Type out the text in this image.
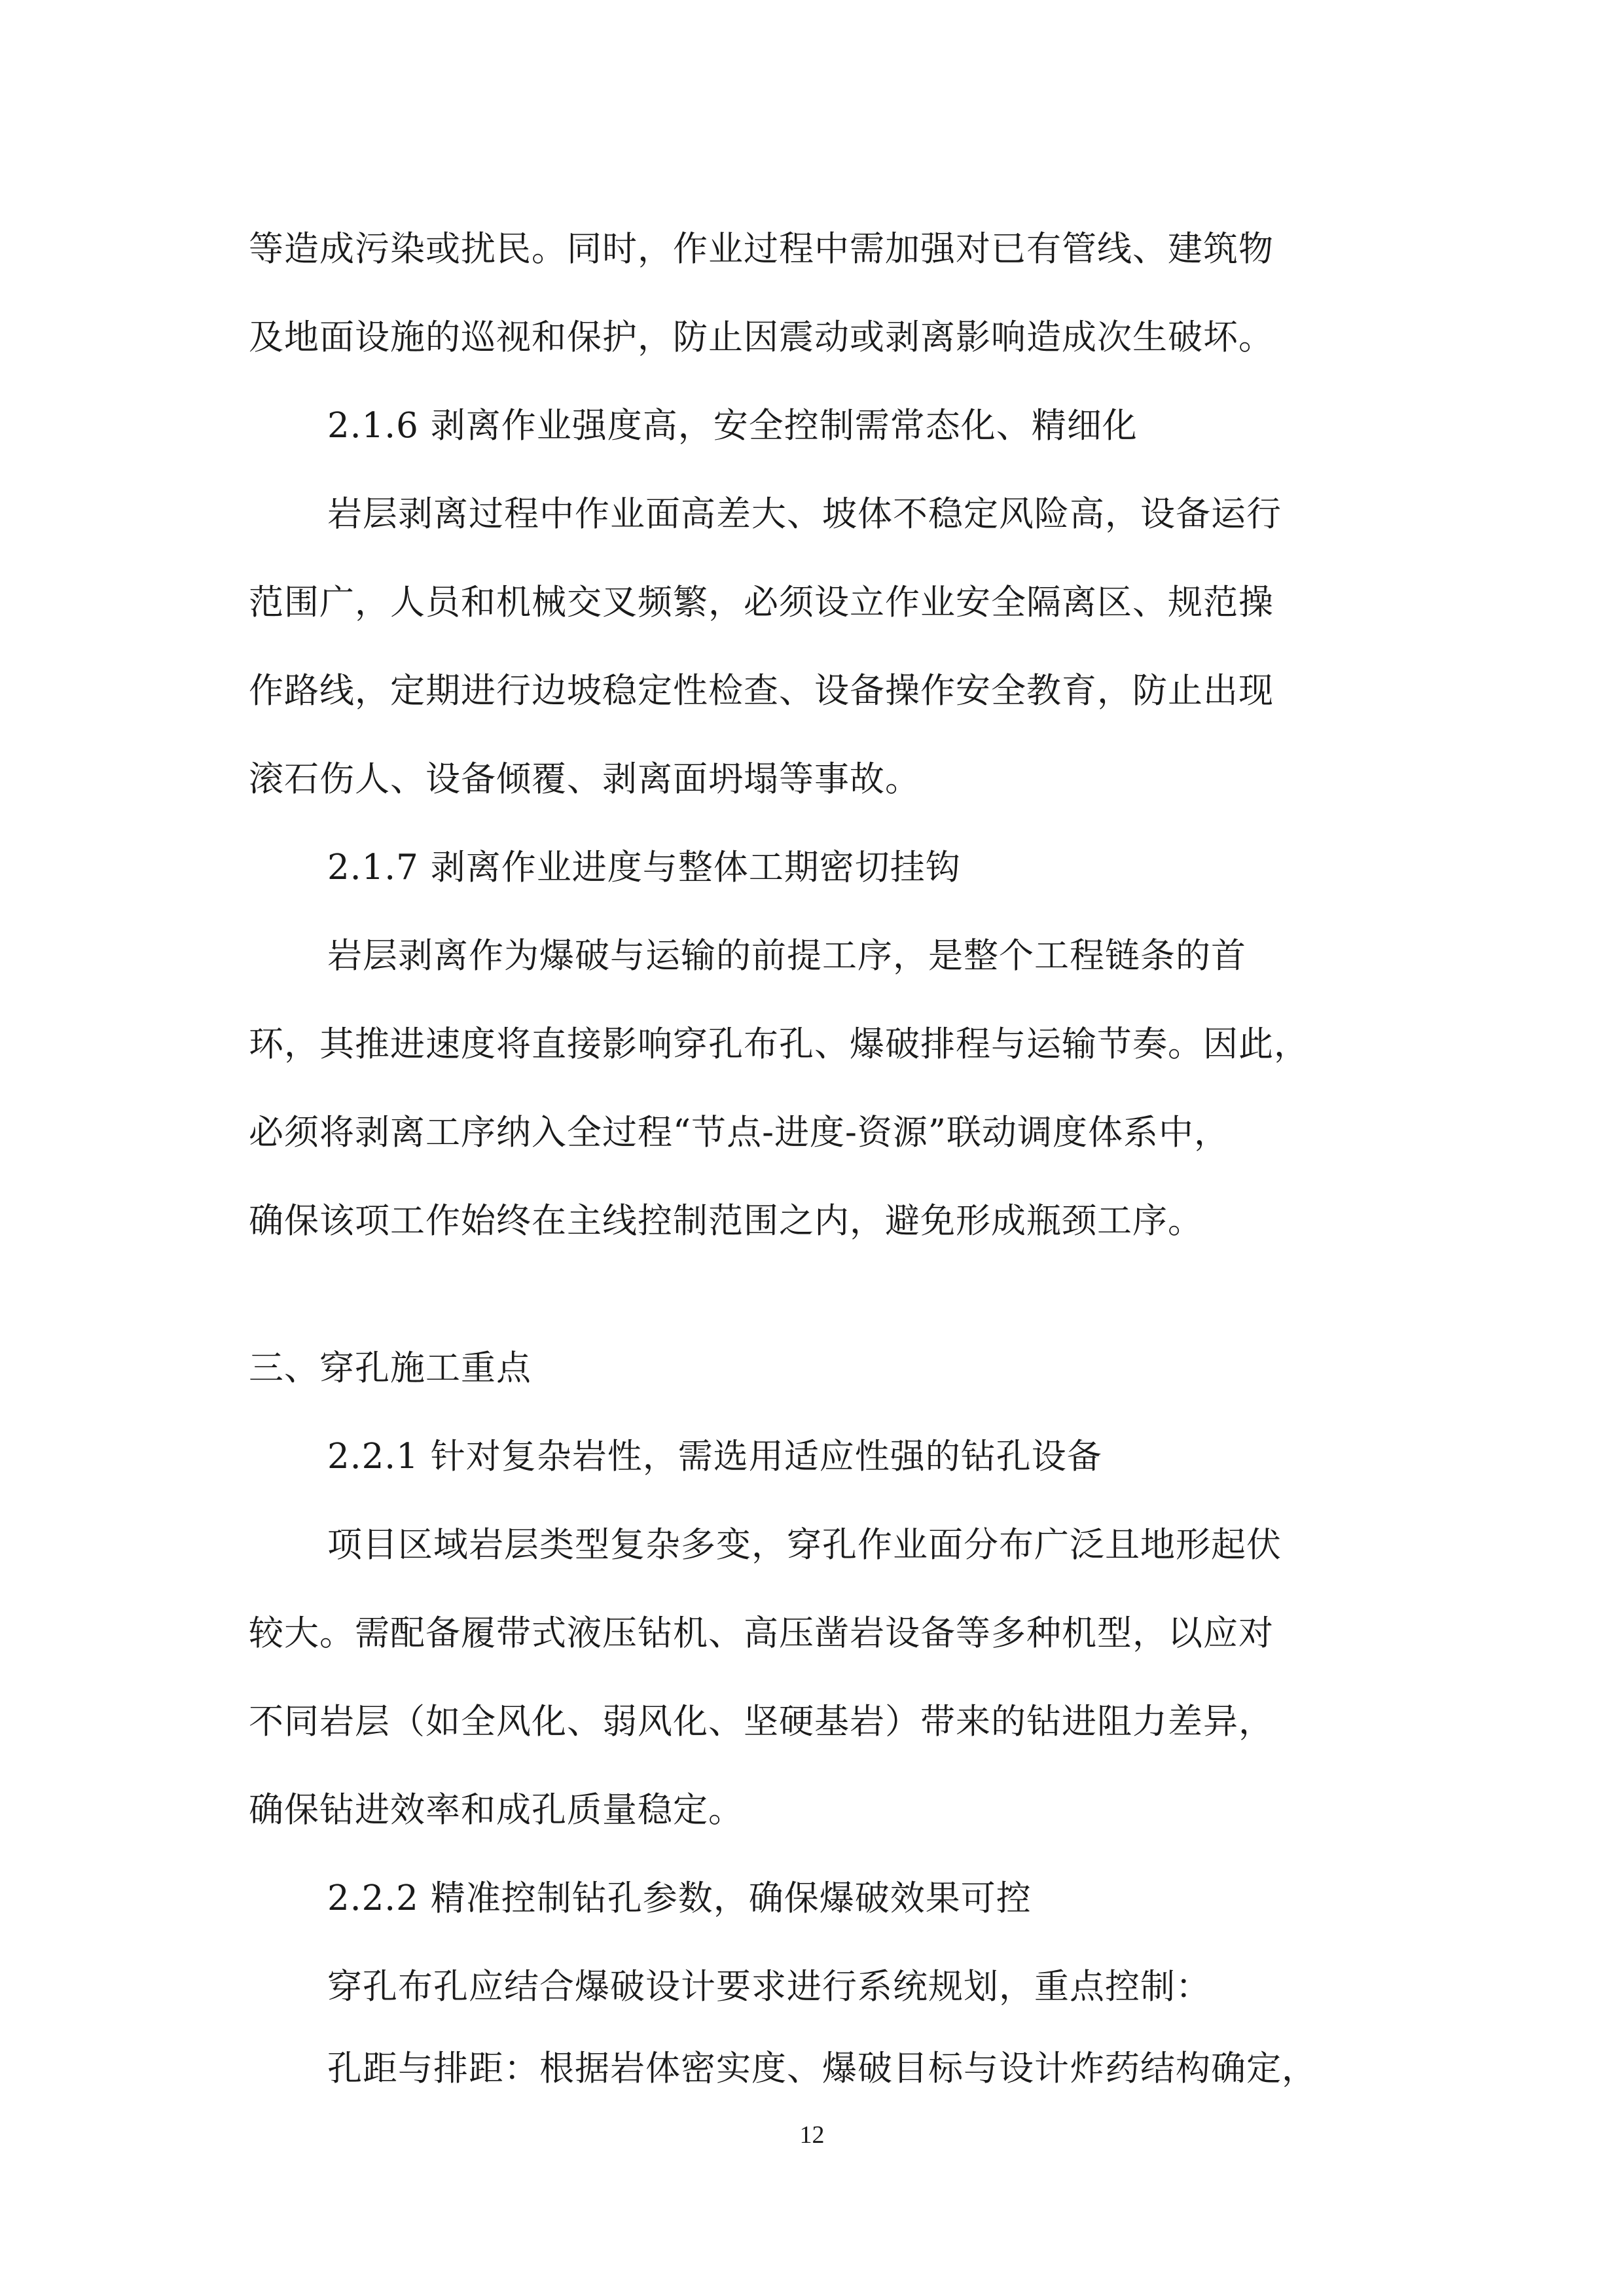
等造成污染或扰民。同时，作业过程中需加强对已有管线、建筑物
及地面设施的巡视和保护，防止因震动或剥离影响造成次生破坏。
2.1.6 剥离作业强度高，安全控制需常态化、精细化
岩层剥离过程中作业面高差大、坡体不稳定风险高，设备运行
范围广，人员和机械交叉频繁，必须设立作业安全隔离区、规范操
作路线，定期进行边坡稳定性检查、设备操作安全教育，防止出现
滚石伤人、设备倾覆、剥离面坍塌等事故。
2.1.7 剥离作业进度与整体工期密切挂钩
岩层剥离作为爆破与运输的前提工序，是整个工程链条的首
环，其推进速度将直接影响穿孔布孔、爆破排程与运输节奏。因此，
必须将剥离工序纳入全过程“节点-进度-资源”联动调度体系中，
确保该项工作始终在主线控制范围之内，避免形成瓶颈工序。
三、穿孔施工重点
2.2.1 针对复杂岩性，需选用适应性强的钻孔设备
项目区域岩层类型复杂多变，穿孔作业面分布广泛且地形起伏
较大。需配备履带式液压钻机、高压凿岩设备等多种机型，以应对
不同岩层（如全风化、弱风化、坚硬基岩）带来的钻进阻力差异，
确保钻进效率和成孔质量稳定。
2.2.2 精准控制钻孔参数，确保爆破效果可控
穿孔布孔应结合爆破设计要求进行系统规划，重点控制：
孔距与排距：根据岩体密实度、爆破目标与设计炸药结构确定，
12
